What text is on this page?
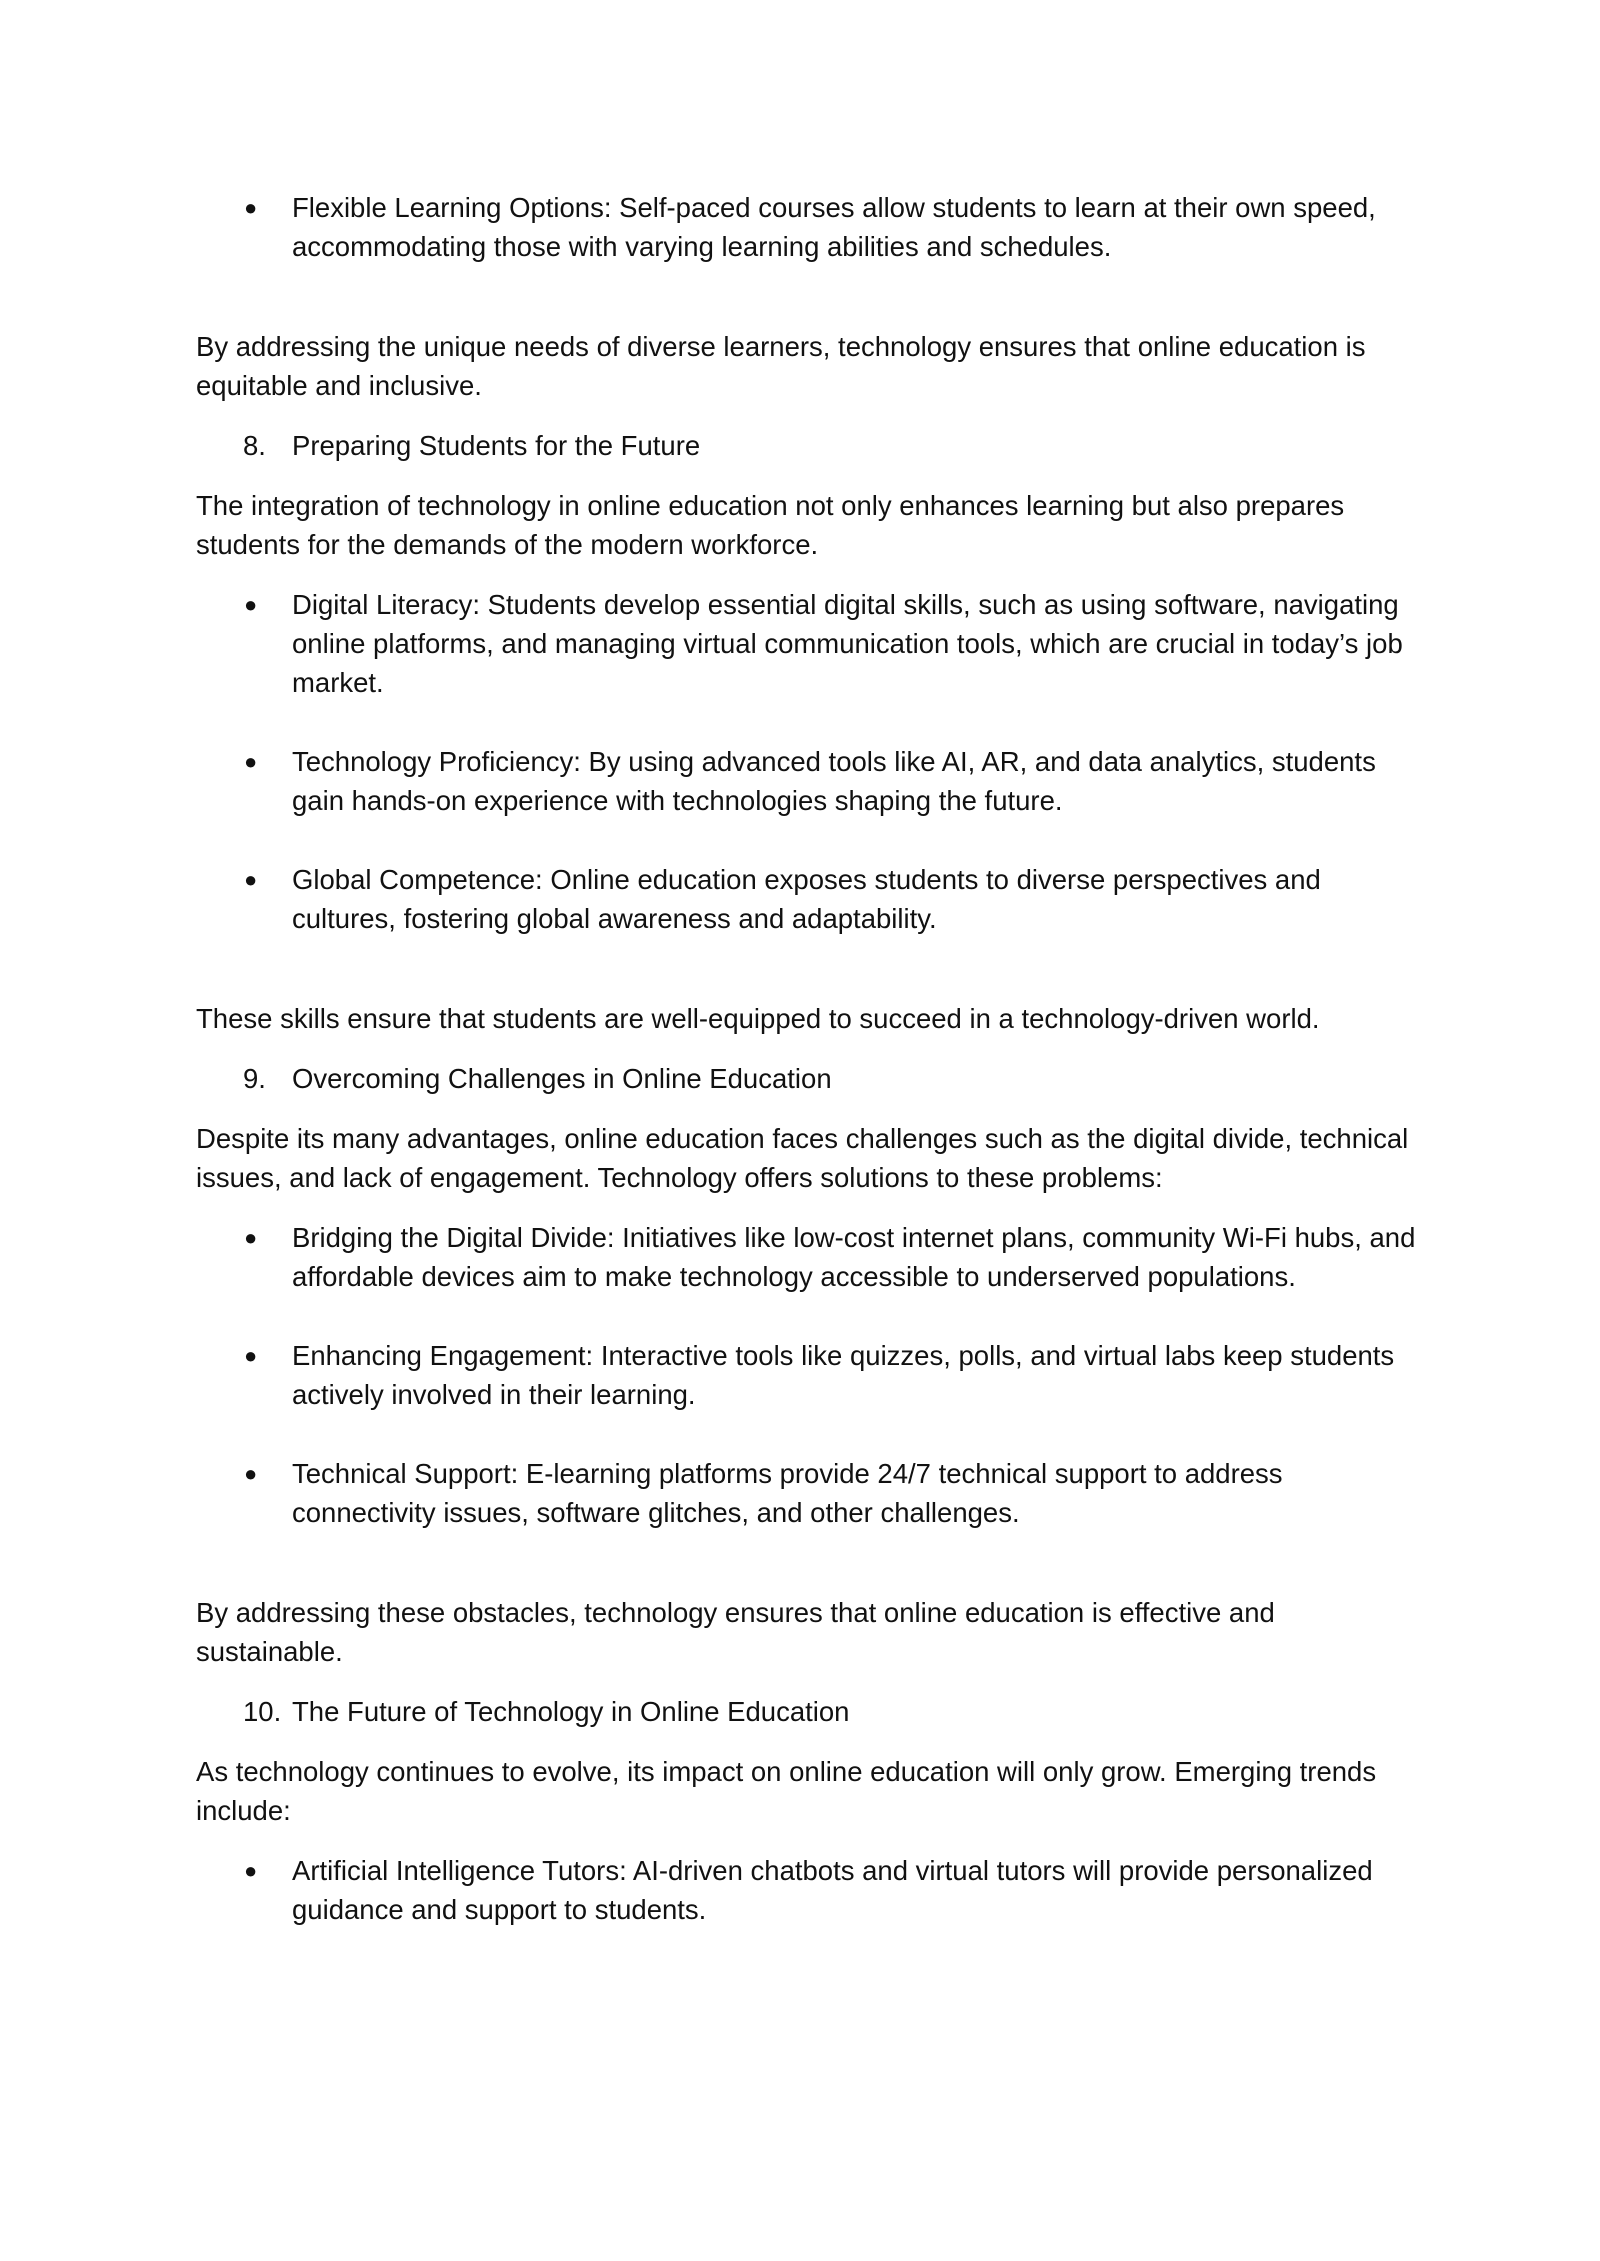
● Flexible Learning Options: Self-paced courses allow students to learn at their own speed, accommodating those with varying learning abilities and schedules.

By addressing the unique needs of diverse learners, technology ensures that online education is equitable and inclusive.

8. Preparing Students for the Future

The integration of technology in online education not only enhances learning but also prepares students for the demands of the modern workforce.

● Digital Literacy: Students develop essential digital skills, such as using software, navigating online platforms, and managing virtual communication tools, which are crucial in today’s job market.
● Technology Proficiency: By using advanced tools like AI, AR, and data analytics, students gain hands-on experience with technologies shaping the future.
● Global Competence: Online education exposes students to diverse perspectives and cultures, fostering global awareness and adaptability.

These skills ensure that students are well-equipped to succeed in a technology-driven world.

9. Overcoming Challenges in Online Education

Despite its many advantages, online education faces challenges such as the digital divide, technical issues, and lack of engagement. Technology offers solutions to these problems:

● Bridging the Digital Divide: Initiatives like low-cost internet plans, community Wi-Fi hubs, and affordable devices aim to make technology accessible to underserved populations.
● Enhancing Engagement: Interactive tools like quizzes, polls, and virtual labs keep students actively involved in their learning.
● Technical Support: E-learning platforms provide 24/7 technical support to address connectivity issues, software glitches, and other challenges.

By addressing these obstacles, technology ensures that online education is effective and sustainable.

10. The Future of Technology in Online Education

As technology continues to evolve, its impact on online education will only grow. Emerging trends include:

● Artificial Intelligence Tutors: AI-driven chatbots and virtual tutors will provide personalized guidance and support to students.
